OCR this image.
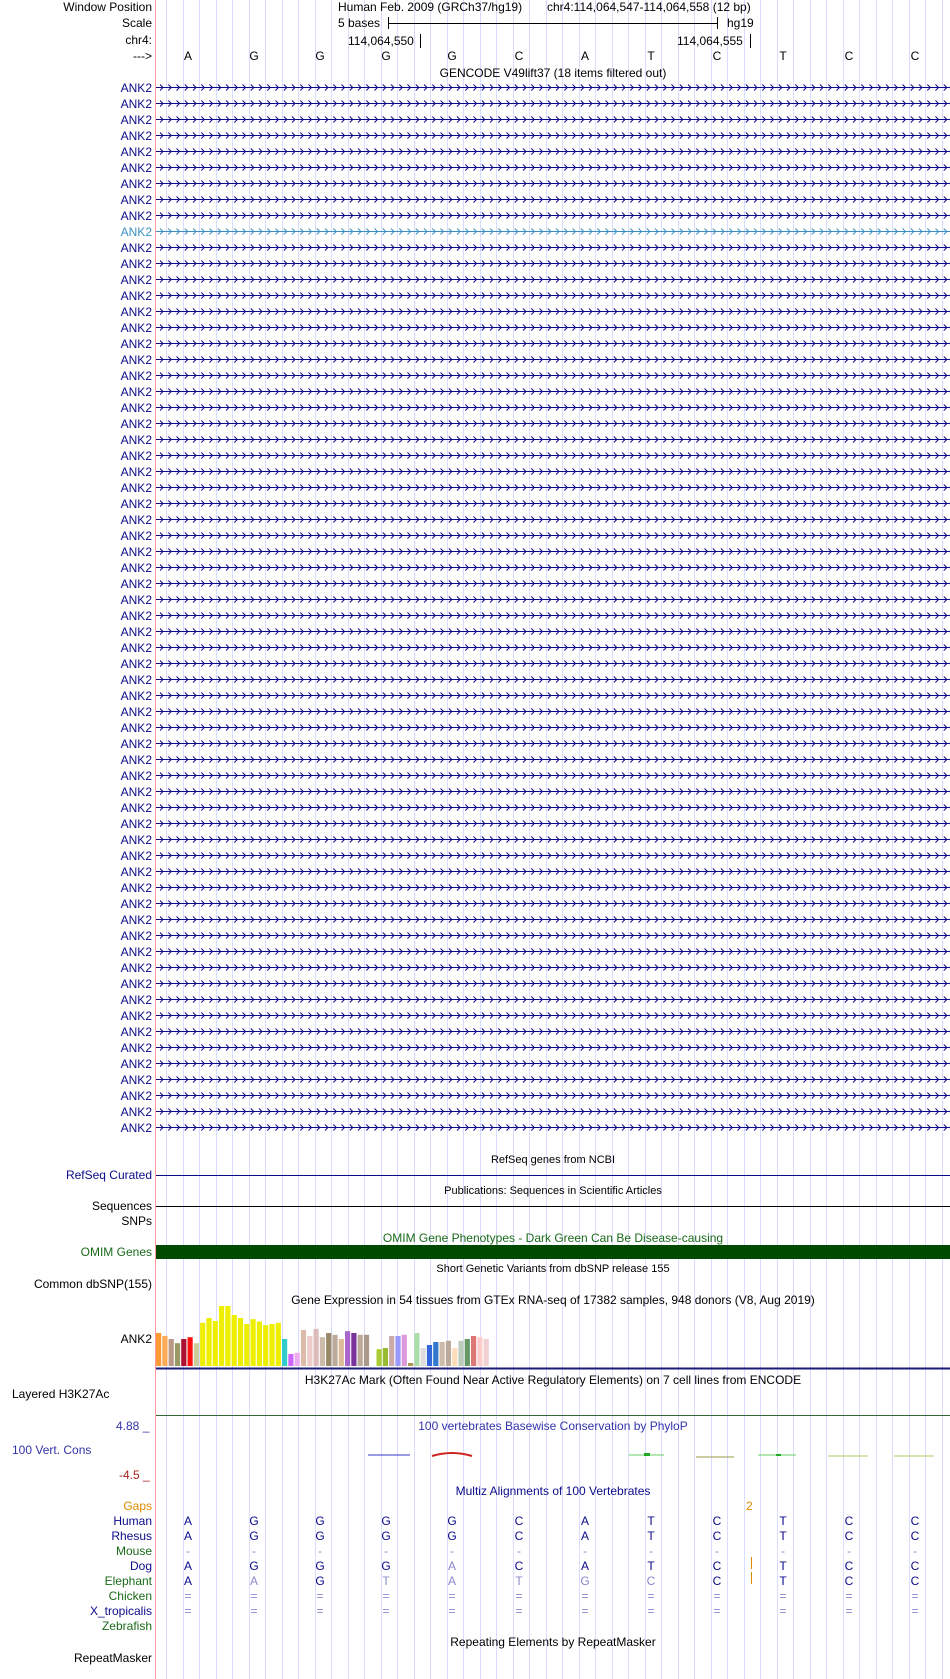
Window Position
Scale
chr4:
--->
Human Feb. 2009 (GRCh37/hg19) chr4:114,064,547-114,064,558 (12 bp)
5 bases	hg19
114,064,550	114,064,555
A	G	G	G	G	C	A	T	C	T	C	C
GENCODE V49lift37 (18 items filtered out)
ANK2
ANK2
ANK2
ANK2
ANK2
ANK2
ANK2
ANK2
ANK2
ANK2
ANK2
ANK2
ANK2
ANK2
ANK2
ANK2
ANK2
ANK2
ANK2
ANK2
ANK2
ANK2
ANK2
ANK2
ANK2
ANK2
ANK2
ANK2
ANK2
ANK2
ANK2
ANK2
ANK2
ANK2
ANK2
ANK2
ANK2
ANK2
ANK2
ANK2
ANK2
ANK2
ANK2
ANK2
ANK2
ANK2
ANK2
ANK2
ANK2
ANK2
ANK2
ANK2
ANK2
ANK2
ANK2
ANK2
ANK2
ANK2
ANK2
ANK2
ANK2
ANK2
ANK2
ANK2
ANK2
ANK2
RefSeq genes from NCBI
RefSeq Curated
Publications: Sequences in Scientific Articles
Sequences
SNPs
OMIM Gene Phenotypes - Dark Green Can Be Disease-causing
OMIM Genes
Short Genetic Variants from dbSNP release 155
Common dbSNP(155)
Gene Expression in 54 tissues from GTEx RNA-seq of 17382 samples, 948 donors (V8, Aug 2019)
ANK2
H3K27Ac Mark (Often Found Near Active Regulatory Elements) on 7 cell lines from ENCODE
Layered H3K27Ac
4.88 _	100 vertebrates Basewise Conservation by PhyloP
100 Vert. Cons
-4.5 _
Multiz Alignments of 100 Vertebrates
Gaps	2
Human	A	G	G	G	G	C	A	T	C	T	C	C
Rhesus	A	G	G	G	G	C	A	T	C	T	C	C
Mouse	-	-	-	-	-	-	-	-	-	-	-	-
Dog	A	G	G	G	A	C	A	T	C	T	C	C
Elephant	A	A	G	T	A	T	G	C	C	T	C	C
Chicken	=	=	=	=	=	=	=	=	=	=	=	=
X_tropicalis	=	=	=	=	=	=	=	=	=	=	=	=
Zebrafish
Repeating Elements by RepeatMasker
RepeatMasker
